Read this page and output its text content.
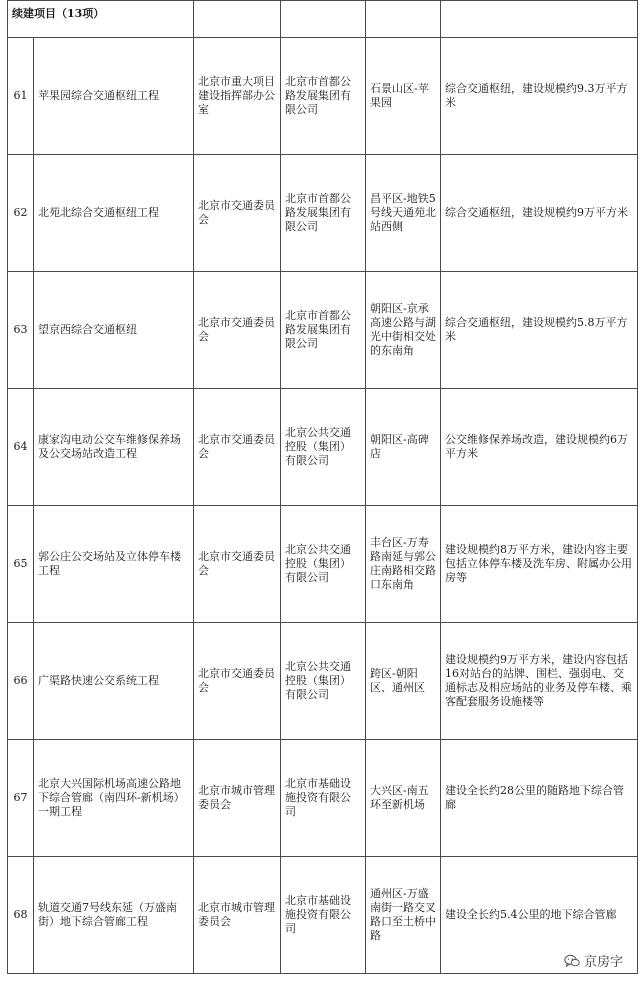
续建项目（13项）					

61	苹果园综合交通枢纽工程	北京市重大项目建设指挥部办公室	北京市首都公路发展集团有限公司	石景山区-苹果园	综合交通枢纽，建设规模约9.3万平方米
62	北苑北综合交通枢纽工程	北京市交通委员会	北京市首都公路发展集团有限公司	昌平区-地铁5号线天通苑北站西侧	综合交通枢纽，建设规模约9万平方米
63	望京西综合交通枢纽	北京市交通委员会	北京市首都公路发展集团有限公司	朝阳区-京承高速公路与湖光中街相交处的东南角	综合交通枢纽，建设规模约5.8万平方米
64	康家沟电动公交车维修保养场及公交场站改造工程	北京市交通委员会	北京公共交通控股（集团）有限公司	朝阳区-高碑店	公交维修保养场改造，建设规模约6万平方米
65	郭公庄公交场站及立体停车楼工程	北京市交通委员会	北京公共交通控股（集团）有限公司	丰台区-万寿路南延与郭公庄南路相交路口东南角	建设规模约8万平方米，建设内容主要包括立体停车楼及洗车房、附属办公用房等
66	广渠路快速公交系统工程	北京市交通委员会	北京公共交通控股（集团）有限公司	跨区-朝阳区、通州区	建设规模约9万平方米，建设内容包括16对站台的站牌、围栏、强弱电、交通标志及相应场站的业务及停车楼、乘客配套服务设施楼等
67	北京大兴国际机场高速公路地下综合管廊（南四环-新机场）一期工程	北京市城市管理委员会	北京市基础设施投资有限公司	大兴区-南五环至新机场	建设全长约28公里的随路地下综合管廊
68	轨道交通7号线东延（万盛南街）地下综合管廊工程	北京市城市管理委员会	北京市基础设施投资有限公司	通州区-万盛南街一路交叉路口至土桥中路	建设全长约5.4公里的地下综合管廊
京房字
